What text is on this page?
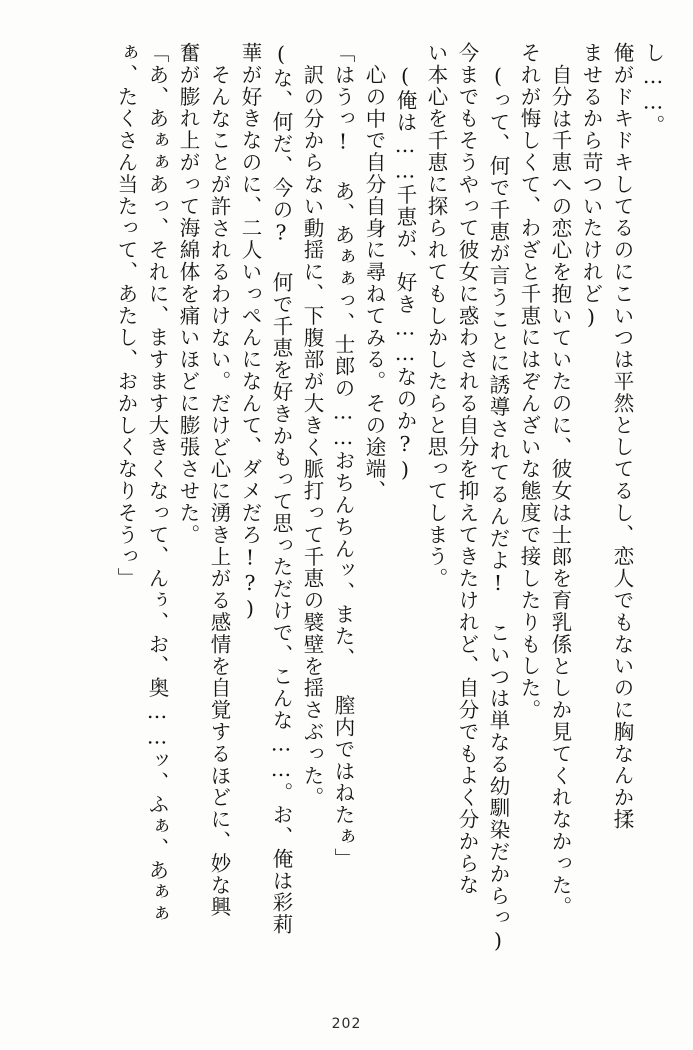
し……。
俺がドキドキしてるのにこいつは平然としてるし、恋人でもないのに胸なんか揉
ませるから苛ついたけれど)
自分は千恵への恋心を抱いていたのに、彼女は士郎を育乳係としか見てくれなかった。
それが悔しくて、わざと千恵にはぞんざいな態度で接したりもした。
(って、何で千恵が言うことに誘導されてるんだよ! こいつは単なる幼馴染だからっ)
今までもそうやって彼女に惑わされる自分を抑えてきたけれど、自分でもよく分からな
い本心を千恵に探られてもしかしたらと思ってしまう。
(俺は……千恵が、好き……なのか?)
心の中で自分自身に尋ねてみる。その途端、
「はうっ! あ、あぁぁっ、士郎の……おちんちんッ、また、 膣内ではねたぁ」
訳の分からない動揺に、下腹部が大きく脈打って千恵の襞壁を揺さぶった。
(な、何だ、今の? 何で千恵を好きかもって思っただけで、こんな……。お、俺は彩莉
華が好きなのに、二人いっぺんになんて、ダメだろ!?)
そんなことが許されるわけない。だけど心に湧き上がる感情を自覚するほどに、妙な興
奮が膨れ上がって海綿体を痛いほどに膨張させた。
「あ、あぁぁあっ、それに、ますます大きくなって、んぅ、お、奥……ッ、ふぁ、あぁぁ
ぁ、たくさん当たって、あたし、おかしくなりそうっ」
202
